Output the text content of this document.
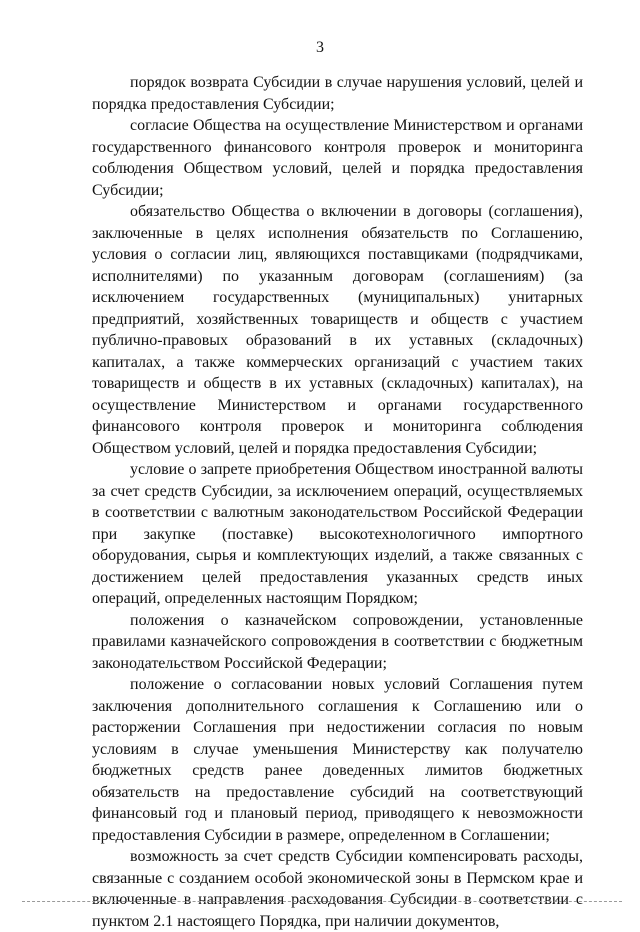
3

порядок возврата Субсидии в случае нарушения условий, целей и порядка предоставления Субсидии;

согласие Общества на осуществление Министерством и органами государственного финансового контроля проверок и мониторинга соблюдения Обществом условий, целей и порядка предоставления Субсидии;

обязательство Общества о включении в договоры (соглашения), заключенные в целях исполнения обязательств по Соглашению, условия о согласии лиц, являющихся поставщиками (подрядчиками, исполнителями) по указанным договорам (соглашениям) (за исключением государственных (муниципальных) унитарных предприятий, хозяйственных товариществ и обществ с участием публично-правовых образований в их уставных (складочных) капиталах, а также коммерческих организаций с участием таких товариществ и обществ в их уставных (складочных) капиталах), на осуществление Министерством и органами государственного финансового контроля проверок и мониторинга соблюдения Обществом условий, целей и порядка предоставления Субсидии;

условие о запрете приобретения Обществом иностранной валюты за счет средств Субсидии, за исключением операций, осуществляемых в соответствии с валютным законодательством Российской Федерации при закупке (поставке) высокотехнологичного импортного оборудования, сырья и комплектующих изделий, а также связанных с достижением целей предоставления указанных средств иных операций, определенных настоящим Порядком;

положения о казначейском сопровождении, установленные правилами казначейского сопровождения в соответствии с бюджетным законодательством Российской Федерации;

положение о согласовании новых условий Соглашения путем заключения дополнительного соглашения к Соглашению или о расторжении Соглашения при недостижении согласия по новым условиям в случае уменьшения Министерству как получателю бюджетных средств ранее доведенных лимитов бюджетных обязательств на предоставление субсидий на соответствующий финансовый год и плановый период, приводящего к невозможности предоставления Субсидии в размере, определенном в Соглашении;

возможность за счет средств Субсидии компенсировать расходы, связанные с созданием особой экономической зоны в Пермском крае и включенные в направления расходования Субсидии в соответствии с пунктом 2.1 настоящего Порядка, при наличии документов,
